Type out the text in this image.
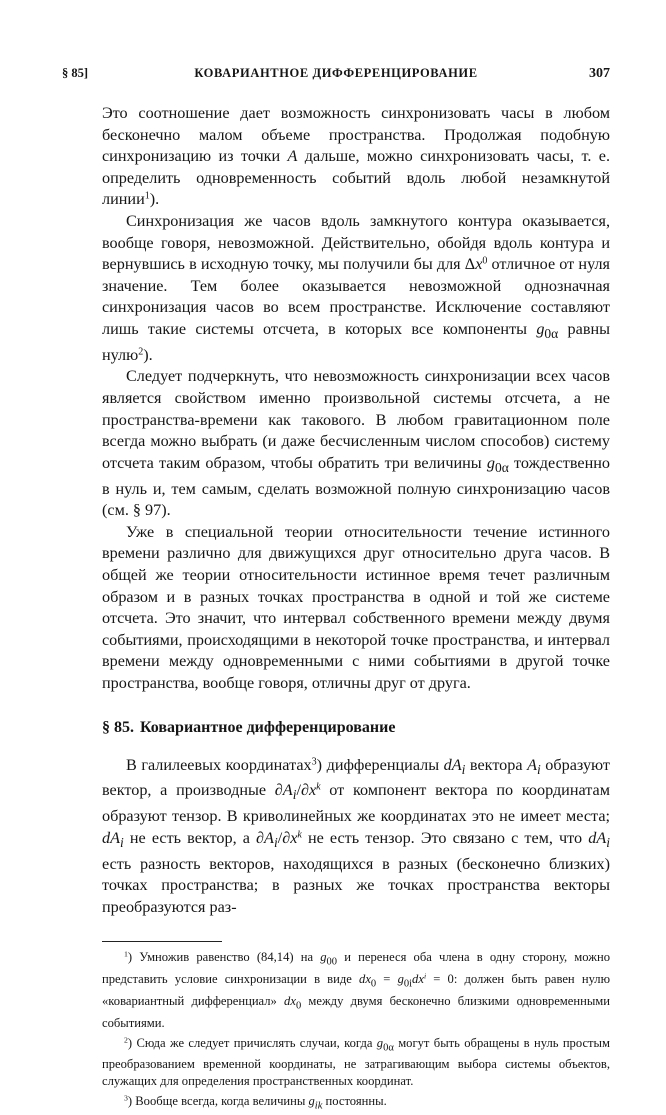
§ 85]	КОВАРИАНТНОЕ ДИФФЕРЕНЦИРОВАНИЕ	307

Это соотношение дает возможность синхронизовать часы в любом бесконечно малом объеме пространства. Продолжая подобную синхронизацию из точки A дальше, можно синхронизовать часы, т. е. определить одновременность событий вдоль любой незамкнутой линии$^1$).

Синхронизация же часов вдоль замкнутого контура оказывается, вообще говоря, невозможной. Действительно, обойдя вдоль контура и вернувшись в исходную точку, мы получили бы для $\Delta x^0$ отличное от нуля значение. Тем более оказывается невозможной однозначная синхронизация часов во всем пространстве. Исключение составляют лишь такие системы отсчета, в которых все компоненты $g_{0\alpha}$ равны нулю$^2$).

Следует подчеркнуть, что невозможность синхронизации всех часов является свойством именно произвольной системы отсчета, а не пространства-времени как такового. В любом гравитационном поле всегда можно выбрать (и даже бесчисленным числом способов) систему отсчета таким образом, чтобы обратить три величины $g_{0\alpha}$ тождественно в нуль и, тем самым, сделать возможной полную синхронизацию часов (см. § 97).

Уже в специальной теории относительности течение истинного времени различно для движущихся друг относительно друга часов. В общей же теории относительности истинное время течет различным образом и в разных точках пространства в одной и той же системе отсчета. Это значит, что интервал собственного времени между двумя событиями, происходящими в некоторой точке пространства, и интервал времени между одновременными с ними событиями в другой точке пространства, вообще говоря, отличны друг от друга.

§ 85. Ковариантное дифференцирование

В галилеевых координатах$^3$) дифференциалы $dA_i$ вектора $A_i$ образуют вектор, а производные $\partial A_i/\partial x^k$ от компонент вектора по координатам образуют тензор. В криволинейных же координатах это не имеет места; $dA_i$ не есть вектор, а $\partial A_i/\partial x^k$ не есть тензор. Это связано с тем, что $dA_i$ есть разность векторов, находящихся в разных (бесконечно близких) точках пространства; в разных же точках пространства векторы преобразуются раз-

$^1$) Умножив равенство (84,14) на $g_{00}$ и перенеся оба члена в одну сторону, можно представить условие синхронизации в виде $dx_0 = g_{0i}dx^i = 0$: должен быть равен нулю «ковариантный дифференциал» $dx_0$ между двумя бесконечно близкими одновременными событиями.

$^2$) Сюда же следует причислять случаи, когда $g_{0\alpha}$ могут быть обращены в нуль простым преобразованием временной координаты, не затрагивающим выбора системы объектов, служащих для определения пространственных координат.

$^3$) Вообще всегда, когда величины $g_{ik}$ постоянны.
